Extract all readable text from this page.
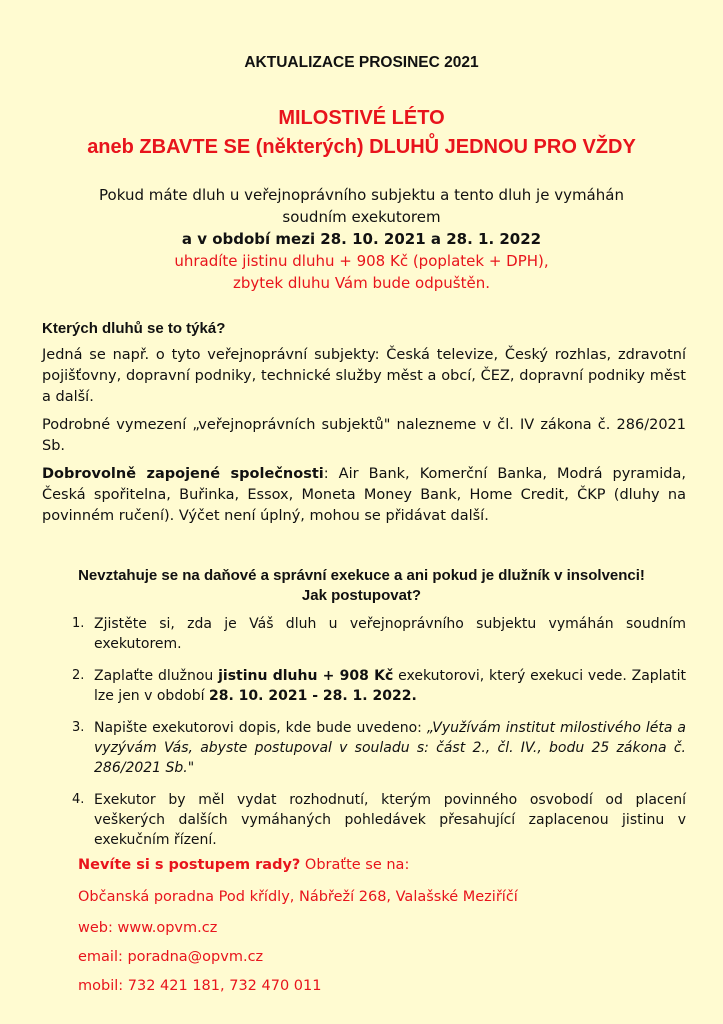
AKTUALIZACE PROSINEC 2021
MILOSTIVÉ LÉTO
aneb ZBAVTE SE (některých) DLUHŮ JEDNOU PRO VŽDY
Pokud máte dluh u veřejnoprávního subjektu a tento dluh je vymáhán
soudním exekutorem
a v období mezi 28. 10. 2021 a 28. 1. 2022
uhradíte jistinu dluhu + 908 Kč (poplatek + DPH),
zbytek dluhu Vám bude odpuštěn.
Kterých dluhů se to týká?
Jedná se např. o tyto veřejnoprávní subjekty: Česká televize, Český rozhlas, zdravotní pojišťovny, dopravní podniky, technické služby měst a obcí, ČEZ, dopravní podniky měst a další.
Podrobné vymezení „veřejnoprávních subjektů" nalezneme v čl. IV zákona č. 286/2021 Sb.
Dobrovolně zapojené společnosti: Air Bank, Komerční Banka, Modrá pyramida, Česká spořitelna, Buřinka, Essox, Moneta Money Bank, Home Credit, ČKP (dluhy na povinném ručení). Výčet není úplný, mohou se přidávat další.
Nevztahuje se na daňové a správní exekuce a ani pokud je dlužník v insolvenci!
Jak postupovat?
1. Zjistěte si, zda je Váš dluh u veřejnoprávního subjektu vymáhán soudním exekutorem.
2. Zaplaťte dlužnou jistinu dluhu + 908 Kč exekutorovi, který exekuci vede. Zaplatit lze jen v období 28. 10. 2021 - 28. 1. 2022.
3. Napište exekutorovi dopis, kde bude uvedeno: „Využívám institut milostivého léta a vyzývám Vás, abyste postupoval v souladu s: část 2., čl. IV., bodu 25 zákona č. 286/2021 Sb."
4. Exekutor by měl vydat rozhodnutí, kterým povinného osvobodí od placení veškerých dalších vymáhaných pohledávek přesahující zaplacenou jistinu v exekučním řízení.
Nevíte si s postupem rady? Obraťte se na:
Občanská poradna Pod křídly, Nábřeží 268, Valašské Meziříčí
web: www.opvm.cz
email: poradna@opvm.cz
mobil: 732 421 181, 732 470 011
